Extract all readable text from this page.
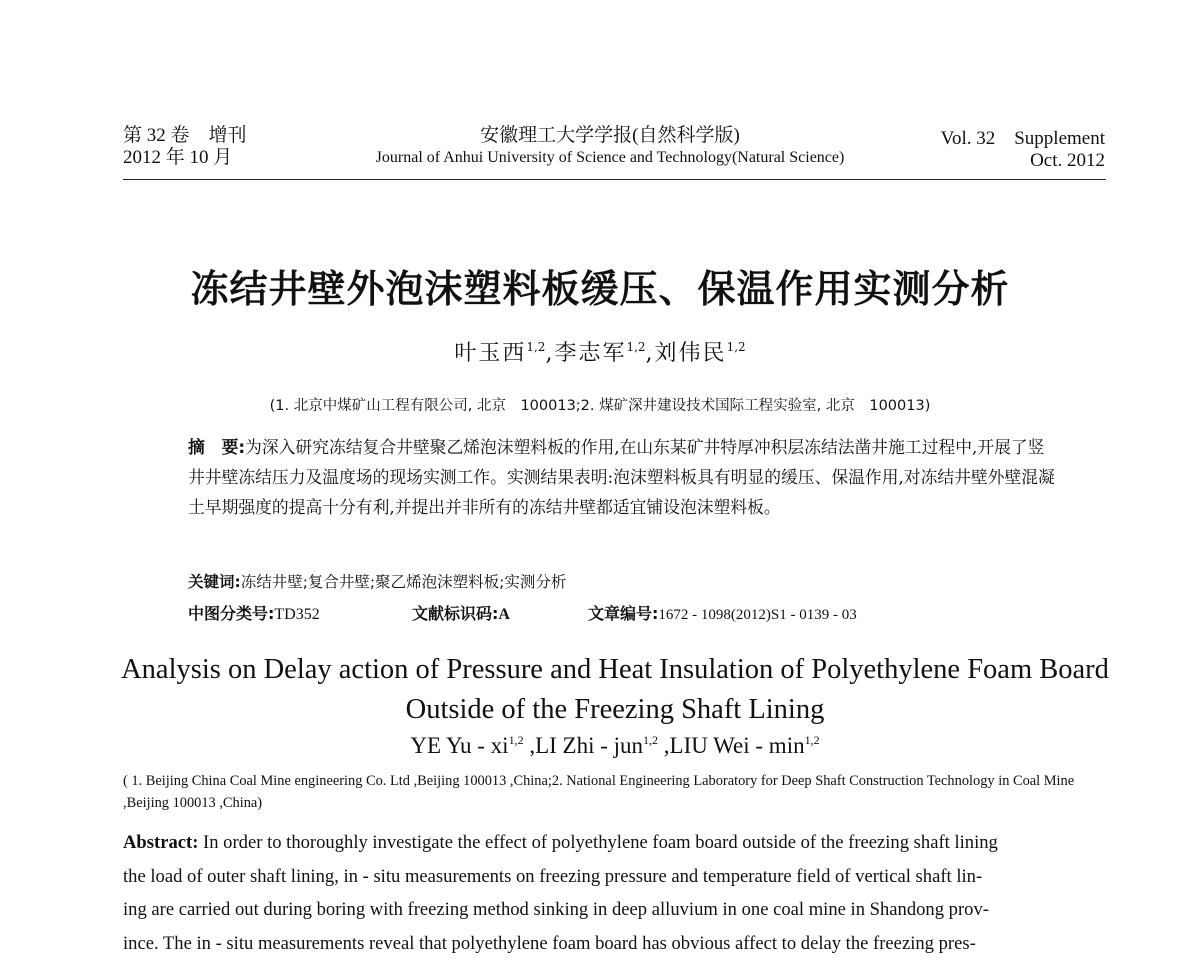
第 32 卷　增刊
2012 年 10 月
安徽理工大学学报(自然科学版)
Journal of Anhui University of Science and Technology(Natural Science)
Vol. 32　Supplement
Oct. 2012
冻结井壁外泡沫塑料板缓压、保温作用实测分析
叶玉西$^{1,2}$,李志军$^{1,2}$,刘伟民$^{1,2}$
(1. 北京中煤矿山工程有限公司, 北京　100013;2. 煤矿深井建设技术国际工程实验室, 北京　100013)
摘　要:为深入研究冻结复合井壁聚乙烯泡沫塑料板的作用,在山东某矿井特厚冲积层冻结法凿井施工过程中,开展了竖井井壁冻结压力及温度场的现场实测工作。实测结果表明:泡沫塑料板具有明显的缓压、保温作用,对冻结井壁外壁混凝土早期强度的提高十分有利,并提出并非所有的冻结井壁都适宜铺设泡沫塑料板。
关键词:冻结井壁;复合井壁;聚乙烯泡沫塑料板;实测分析
中图分类号:TD352	文献标识码:A	文章编号:1672 - 1098(2012)S1 - 0139 - 03
Analysis on Delay action of Pressure and Heat Insulation of Polyethylene Foam Board
Outside of the Freezing Shaft Lining
YE Yu - xi$^{1,2}$ ,LI Zhi - jun$^{1,2}$ ,LIU Wei - $\min^{1,2}$
( 1. Beijing China Coal Mine engineering Co. Ltd ,Beijing 100013 ,China;2. National Engineering Laboratory for Deep Shaft Construction Technology in Coal Mine ,Beijing 100013 ,China)
Abstract: In order to thoroughly investigate the effect of polyethylene foam board outside of the freezing shaft lining
the load of outer shaft lining, in - situ measurements on freezing pressure and temperature field of vertical shaft lin-
ing are carried out during boring with freezing method sinking in deep alluvium in one coal mine in Shandong prov-
ince. The in - situ measurements reveal that polyethylene foam board has obvious affect to delay the freezing pres-
